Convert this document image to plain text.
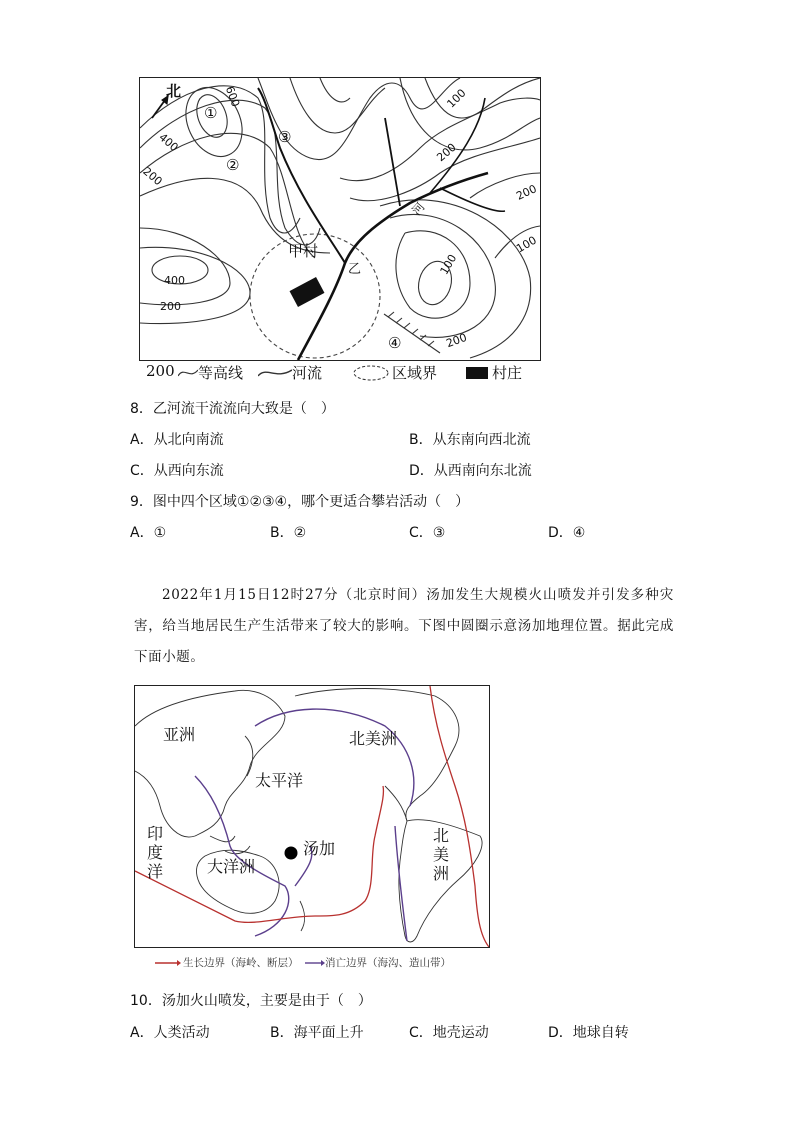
北	600
400
200
100
200
100
200
400
200
100
200
①
②
③
④
河
乙
甲村
200 等高线	河流	区域界	村庄
8．乙河流干流流向大致是（　）
A．从北向南流	B．从东南向西北流
C．从西向东流	D．从西南向东北流
9．图中四个区域①②③④，哪个更适合攀岩活动（　）
A．①	B．②	C．③	D．④
2022年1月15日12时27分（北京时间）汤加发生大规模火山喷发并引发多种灾害，给当地居民生产生活带来了较大的影响。下图中圆圈示意汤加地理位置。据此完成下面小题。
亚洲
太平洋
北美洲
印
度
洋	大洋洲
汤加
北
美
洲
生长边界（海岭、断层）	消亡边界（海沟、造山带）
10．汤加火山喷发，主要是由于（　）
A．人类活动	B．海平面上升	C．地壳运动	D．地球自转
